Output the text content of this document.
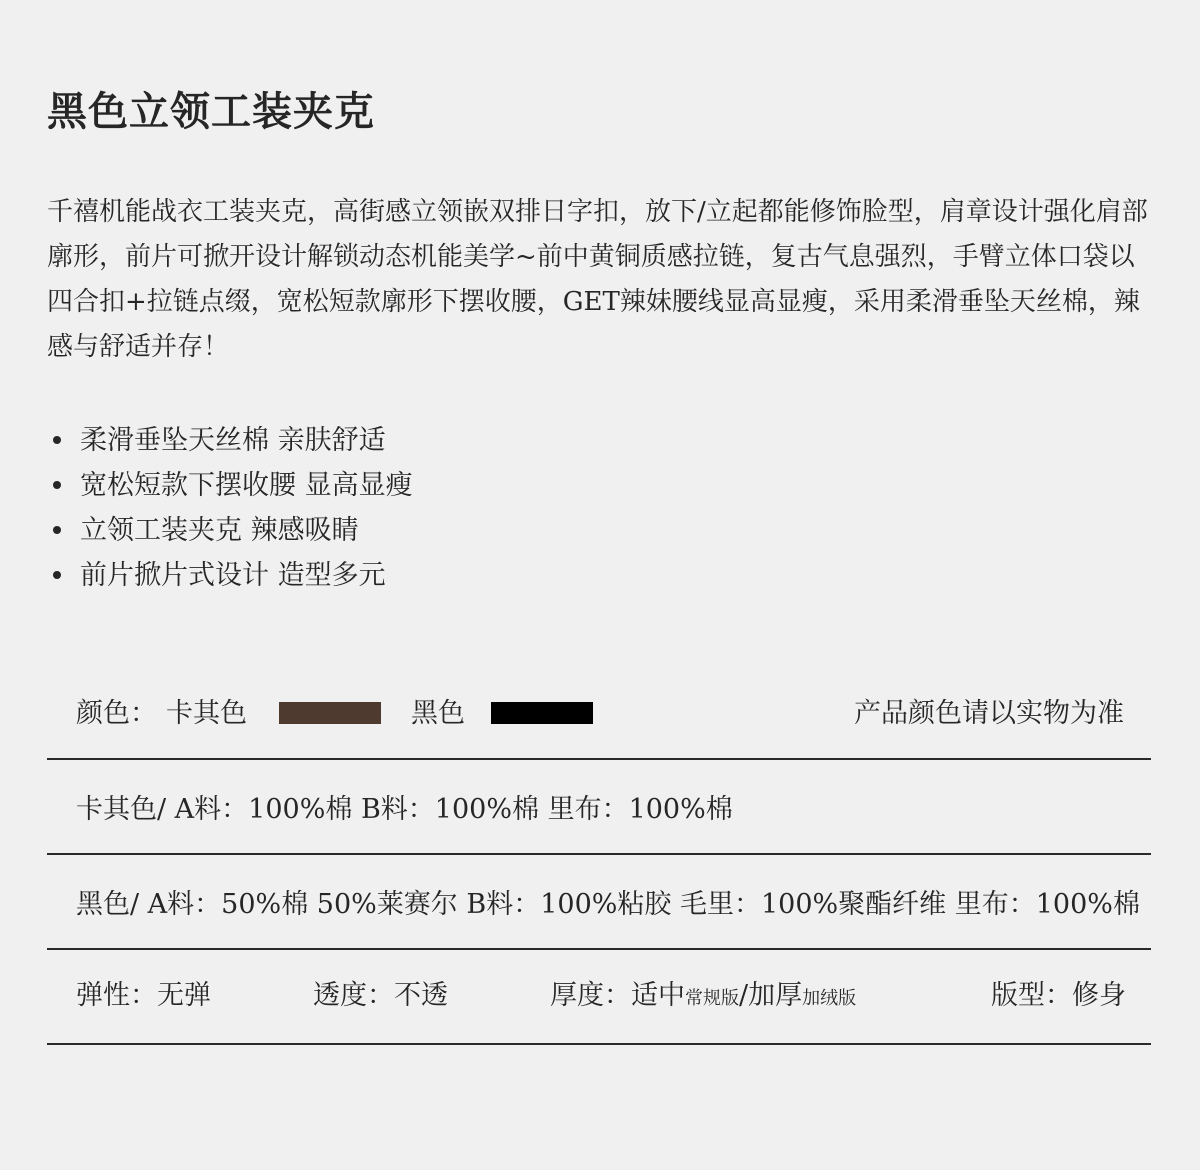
黑色立领工装夹克

千禧机能战衣工装夹克，高街感立领嵌双排日字扣，放下/立起都能修饰脸型，肩章设计强化肩部廓形，前片可掀开设计解锁动态机能美学~前中黄铜质感拉链，复古气息强烈，手臂立体口袋以四合扣+拉链点缀，宽松短款廓形下摆收腰，GET辣妹腰线显高显瘦，采用柔滑垂坠天丝棉，辣感与舒适并存！

柔滑垂坠天丝棉 亲肤舒适
宽松短款下摆收腰 显高显瘦
立领工装夹克 辣感吸睛
前片掀片式设计 造型多元
颜色： 卡其色	黑色	产品颜色请以实物为准
卡其色/ A料：100%棉 B料：100%棉 里布：100%棉
黑色/ A料：50%棉 50%莱赛尔 B料：100%粘胶 毛里：100%聚酯纤维 里布：100%棉
弹性：无弹	透度：不透	厚度：适中常规版/加厚加绒版	版型：修身
